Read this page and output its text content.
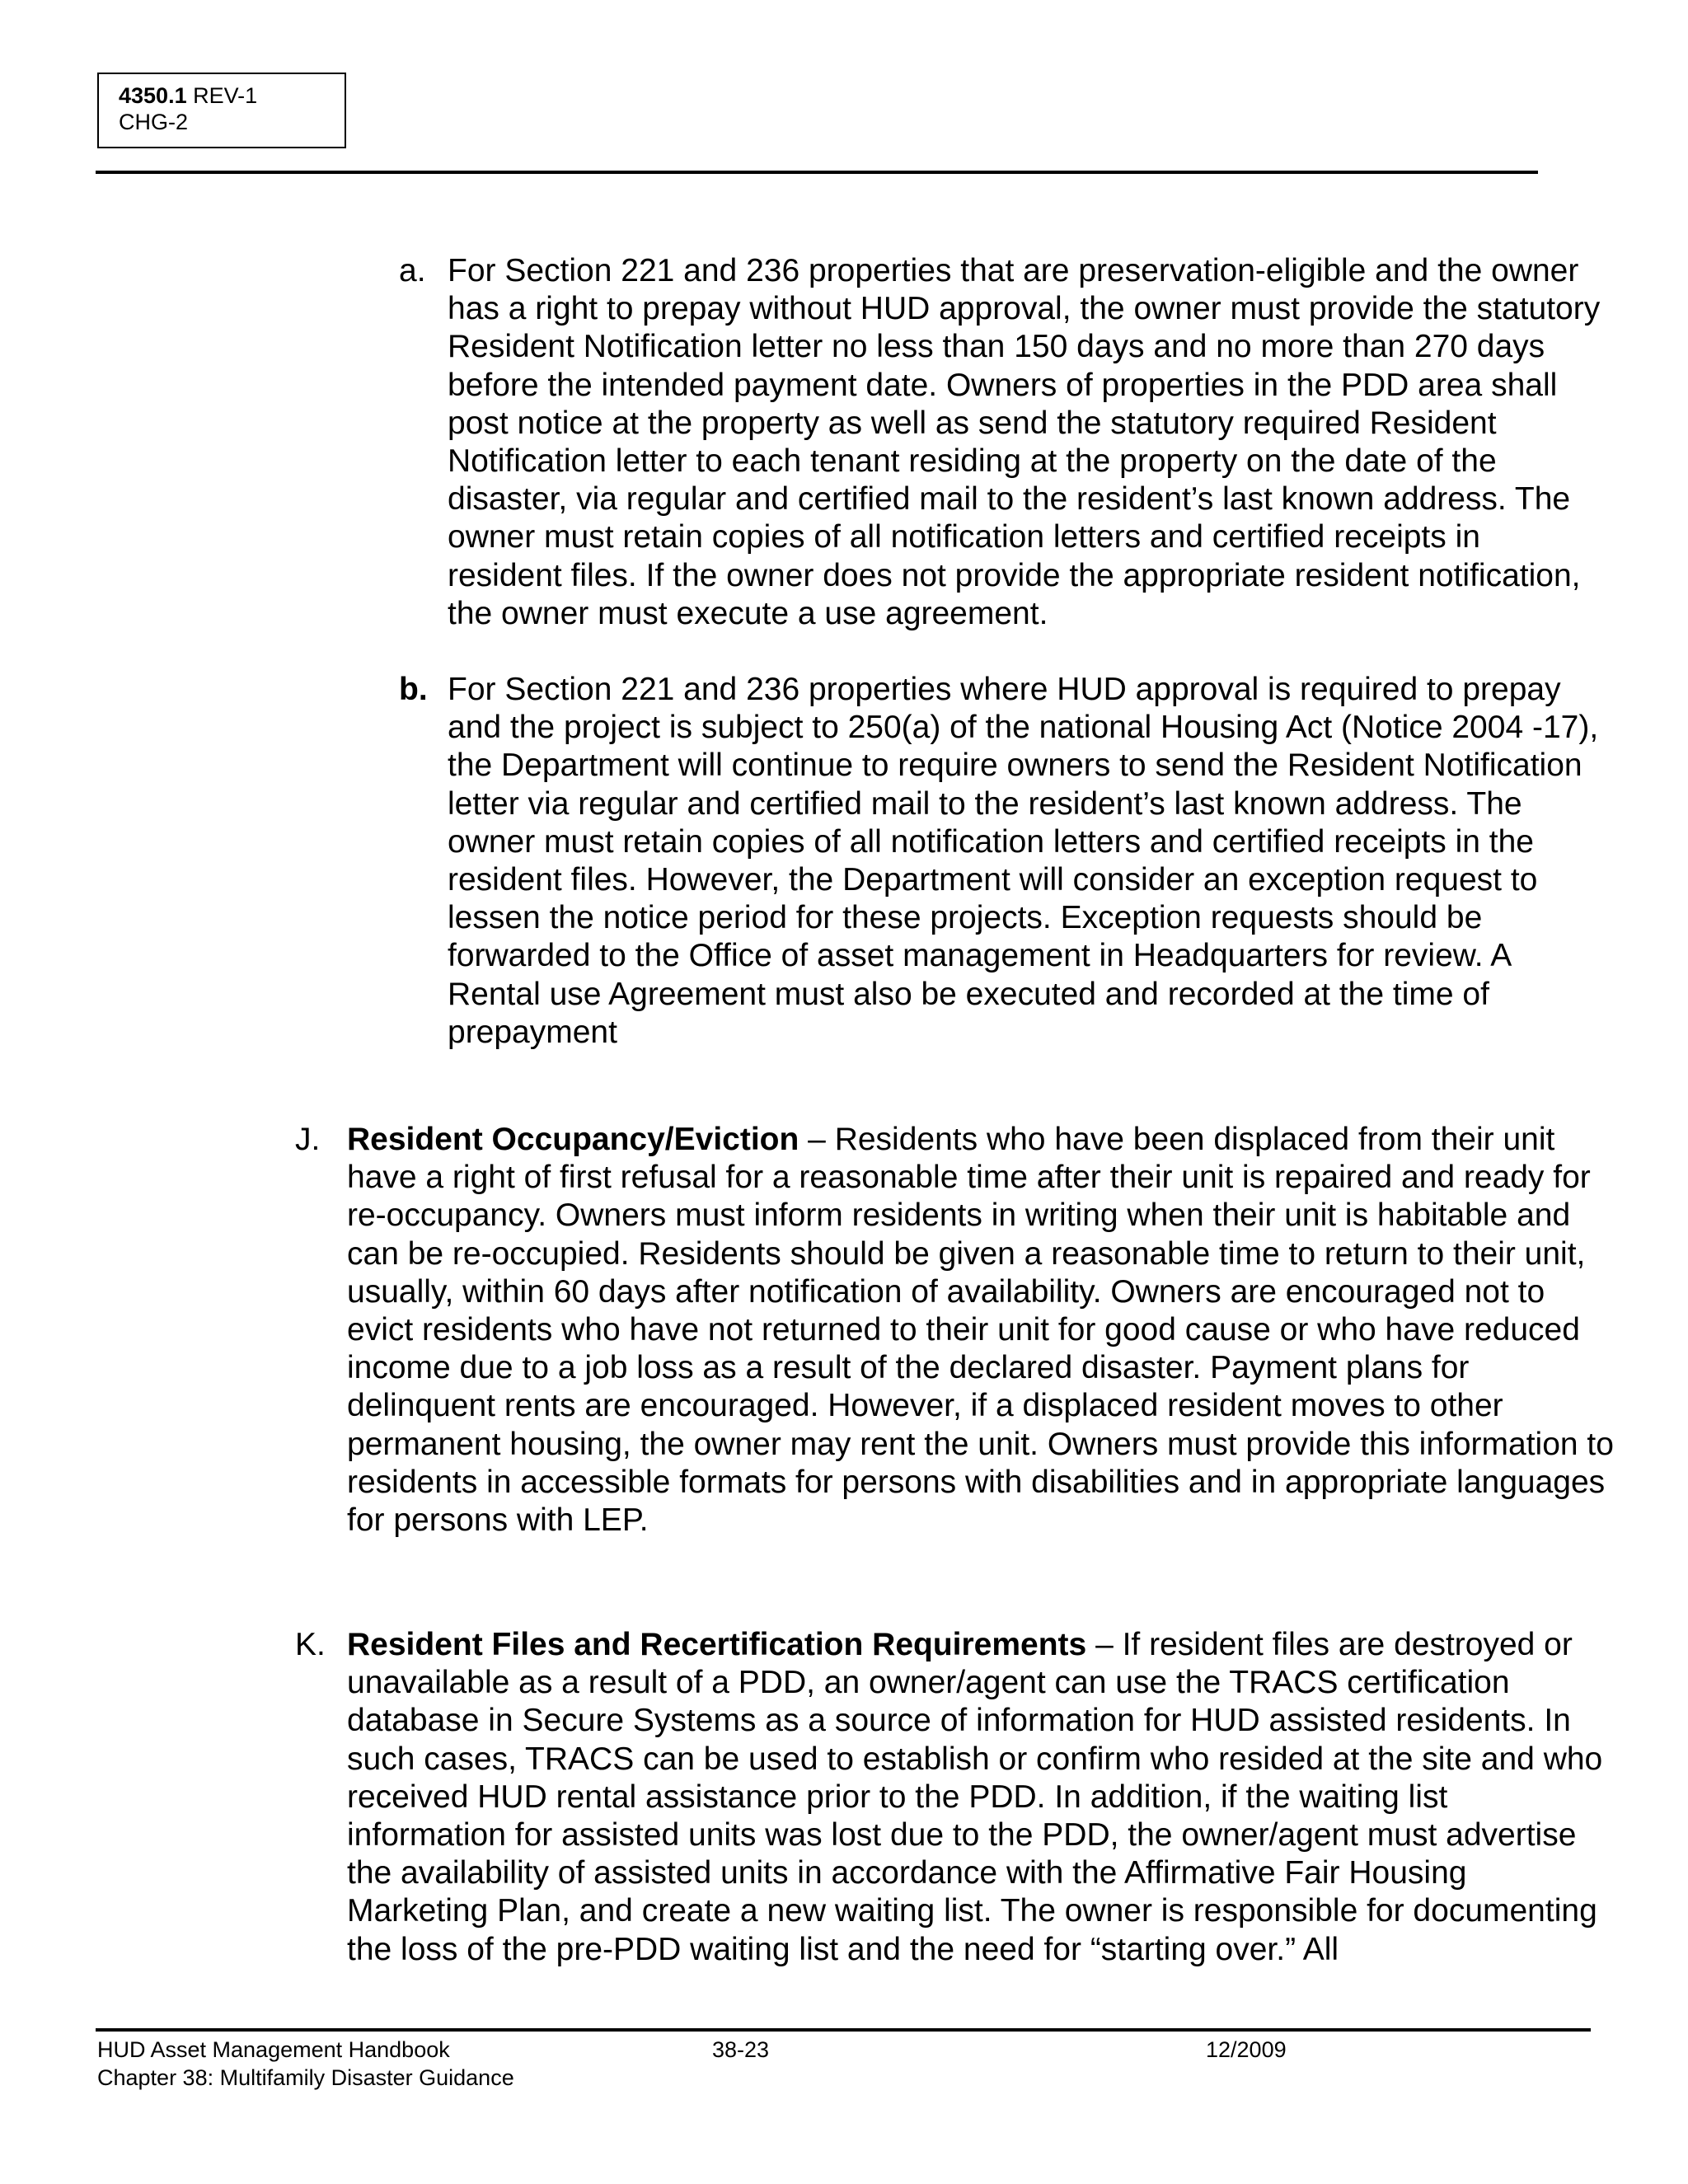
4350.1 REV-1
CHG-2
a. For Section 221 and 236 properties that are preservation-eligible and the owner has a right to prepay without HUD approval, the owner must provide the statutory Resident Notification letter no less than 150 days and no more than 270 days before the intended payment date. Owners of properties in the PDD area shall post notice at the property as well as send the statutory required Resident Notification letter to each tenant residing at the property on the date of the disaster, via regular and certified mail to the resident’s last known address. The owner must retain copies of all notification letters and certified receipts in resident files. If the owner does not provide the appropriate resident notification, the owner must execute a use agreement.
b. For Section 221 and 236 properties where HUD approval is required to prepay and the project is subject to 250(a) of the national Housing Act (Notice 2004 -17), the Department will continue to require owners to send the Resident Notification letter via regular and certified mail to the resident’s last known address. The owner must retain copies of all notification letters and certified receipts in the resident files. However, the Department will consider an exception request to lessen the notice period for these projects. Exception requests should be forwarded to the Office of asset management in Headquarters for review. A Rental use Agreement must also be executed and recorded at the time of prepayment
J. Resident Occupancy/Eviction – Residents who have been displaced from their unit have a right of first refusal for a reasonable time after their unit is repaired and ready for re-occupancy. Owners must inform residents in writing when their unit is habitable and can be re-occupied. Residents should be given a reasonable time to return to their unit, usually, within 60 days after notification of availability. Owners are encouraged not to evict residents who have not returned to their unit for good cause or who have reduced income due to a job loss as a result of the declared disaster. Payment plans for delinquent rents are encouraged. However, if a displaced resident moves to other permanent housing, the owner may rent the unit. Owners must provide this information to residents in accessible formats for persons with disabilities and in appropriate languages for persons with LEP.
K. Resident Files and Recertification Requirements – If resident files are destroyed or unavailable as a result of a PDD, an owner/agent can use the TRACS certification database in Secure Systems as a source of information for HUD assisted residents. In such cases, TRACS can be used to establish or confirm who resided at the site and who received HUD rental assistance prior to the PDD. In addition, if the waiting list information for assisted units was lost due to the PDD, the owner/agent must advertise the availability of assisted units in accordance with the Affirmative Fair Housing Marketing Plan, and create a new waiting list. The owner is responsible for documenting the loss of the pre-PDD waiting list and the need for “starting over.” All
HUD Asset Management Handbook
Chapter 38: Multifamily Disaster Guidance
38-23	12/2009
